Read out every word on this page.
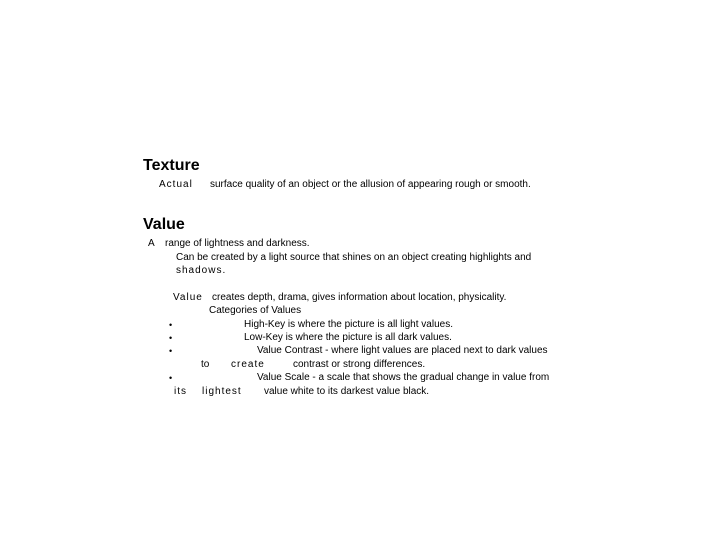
Texture
Actual surface quality of an object or the allusion of appearing rough or smooth.
Value
A range of lightness and darkness.
Can be created by a light source that shines on an object creating highlights and
shadows.
Value creates depth, drama, gives information about location, physicality.
Categories of Values
•	High-Key is where the picture is all light values.
•	Low-Key is where the picture is all dark values.
•	Value Contrast - where light values are placed next to dark values
to create	contrast or strong differences.
•	Value Scale - a scale that shows the gradual change in value from
its lightest value white to its darkest value black.
